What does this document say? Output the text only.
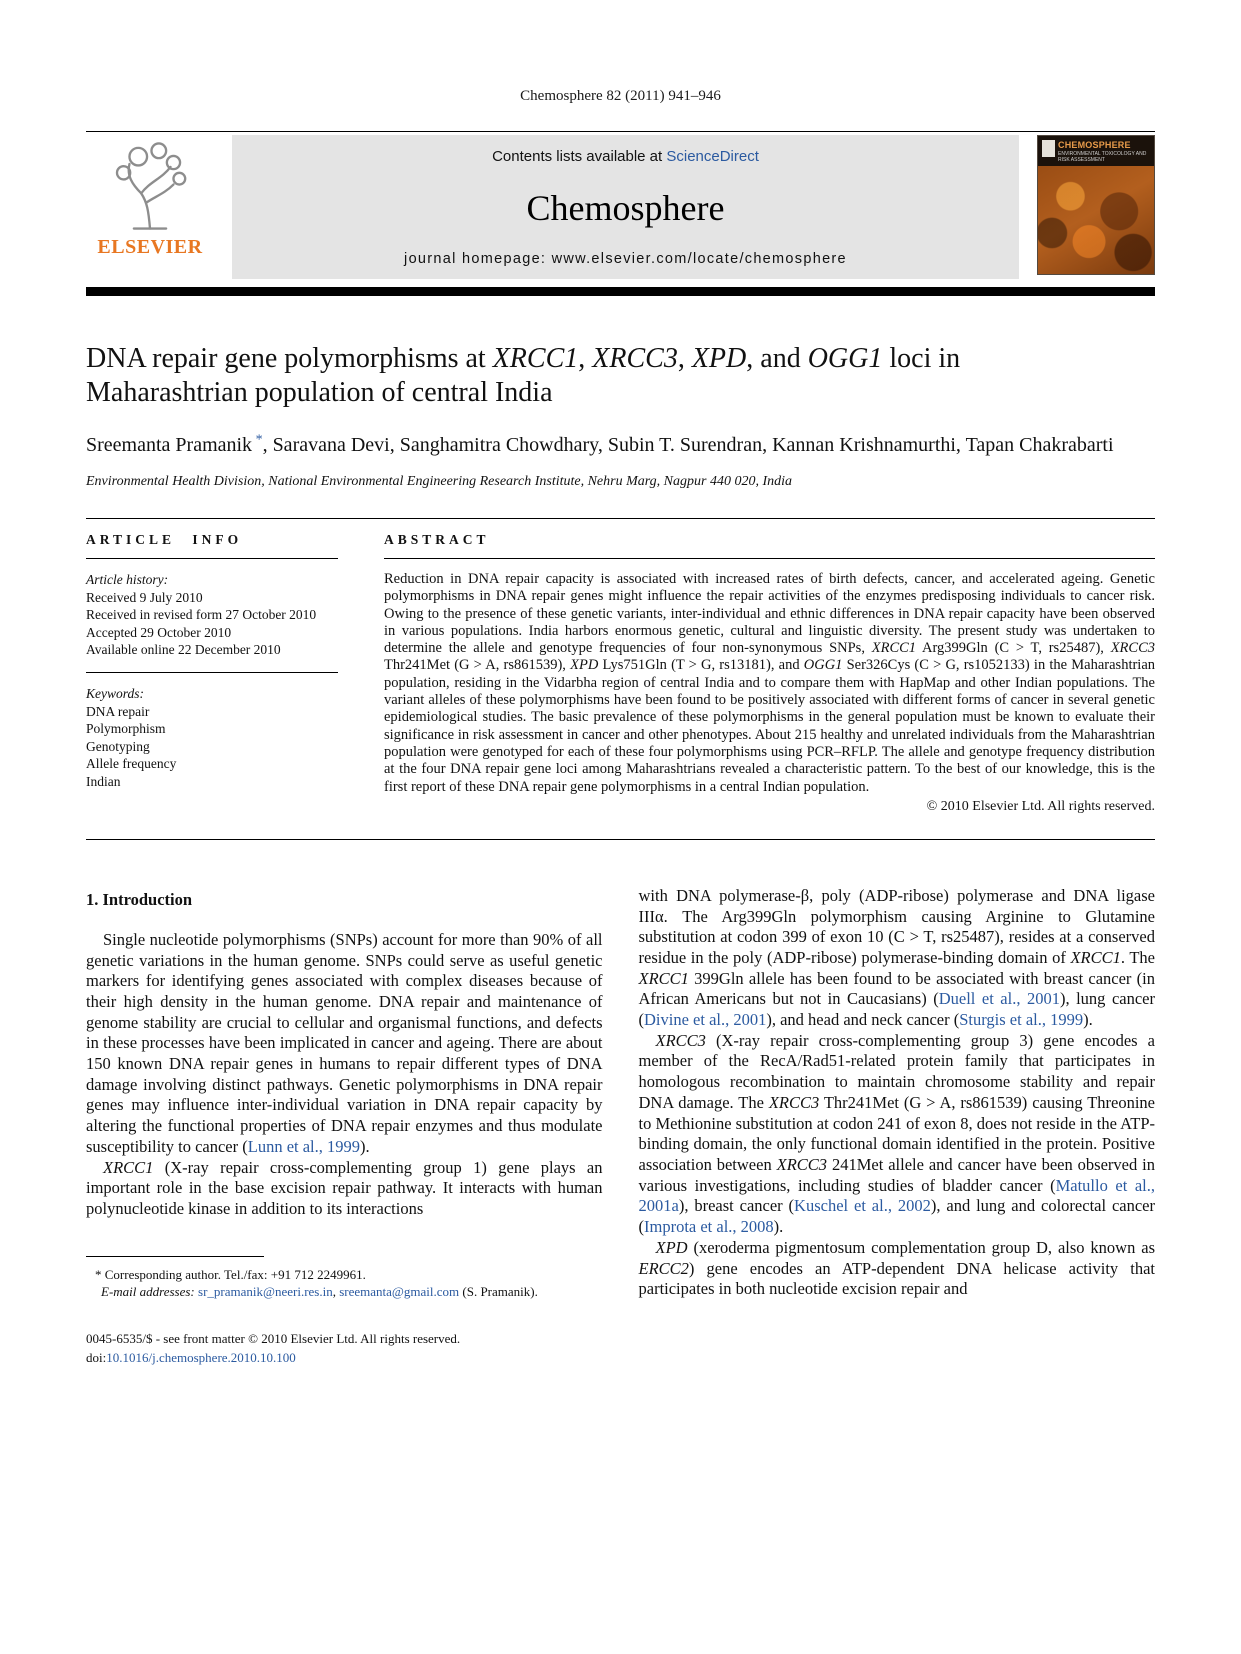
Chemosphere 82 (2011) 941–946
ELSEVIER
Contents lists available at ScienceDirect
Chemosphere
journal homepage: www.elsevier.com/locate/chemosphere
CHEMOSPHERE
ENVIRONMENTAL TOXICOLOGY AND RISK ASSESSMENT
DNA repair gene polymorphisms at XRCC1, XRCC3, XPD, and OGG1 loci in Maharashtrian population of central India
Sreemanta Pramanik *, Saravana Devi, Sanghamitra Chowdhary, Subin T. Surendran, Kannan Krishnamurthi, Tapan Chakrabarti
Environmental Health Division, National Environmental Engineering Research Institute, Nehru Marg, Nagpur 440 020, India
ARTICLE INFO
Article history:
Received 9 July 2010
Received in revised form 27 October 2010
Accepted 29 October 2010
Available online 22 December 2010
Keywords:
DNA repair
Polymorphism
Genotyping
Allele frequency
Indian
ABSTRACT

Reduction in DNA repair capacity is associated with increased rates of birth defects, cancer, and accelerated ageing. Genetic polymorphisms in DNA repair genes might influence the repair activities of the enzymes predisposing individuals to cancer risk. Owing to the presence of these genetic variants, inter-individual and ethnic differences in DNA repair capacity have been observed in various populations. India harbors enormous genetic, cultural and linguistic diversity. The present study was undertaken to determine the allele and genotype frequencies of four non-synonymous SNPs, XRCC1 Arg399Gln (C > T, rs25487), XRCC3 Thr241Met (G > A, rs861539), XPD Lys751Gln (T > G, rs13181), and OGG1 Ser326Cys (C > G, rs1052133) in the Maharashtrian population, residing in the Vidarbha region of central India and to compare them with HapMap and other Indian populations. The variant alleles of these polymorphisms have been found to be positively associated with different forms of cancer in several genetic epidemiological studies. The basic prevalence of these polymorphisms in the general population must be known to evaluate their significance in risk assessment in cancer and other phenotypes. About 215 healthy and unrelated individuals from the Maharashtrian population were genotyped for each of these four polymorphisms using PCR–RFLP. The allele and genotype frequency distribution at the four DNA repair gene loci among Maharashtrians revealed a characteristic pattern. To the best of our knowledge, this is the first report of these DNA repair gene polymorphisms in a central Indian population.

© 2010 Elsevier Ltd. All rights reserved.
1. Introduction

Single nucleotide polymorphisms (SNPs) account for more than 90% of all genetic variations in the human genome. SNPs could serve as useful genetic markers for identifying genes associated with complex diseases because of their high density in the human genome. DNA repair and maintenance of genome stability are crucial to cellular and organismal functions, and defects in these processes have been implicated in cancer and ageing. There are about 150 known DNA repair genes in humans to repair different types of DNA damage involving distinct pathways. Genetic polymorphisms in DNA repair genes may influence inter-individual variation in DNA repair capacity by altering the functional properties of DNA repair enzymes and thus modulate susceptibility to cancer (Lunn et al., 1999).

XRCC1 (X-ray repair cross-complementing group 1) gene plays an important role in the base excision repair pathway. It interacts with human polynucleotide kinase in addition to its interactions

* Corresponding author. Tel./fax: +91 712 2249961.

E-mail addresses: sr_pramanik@neeri.res.in, sreemanta@gmail.com (S. Pramanik).

0045-6535/$ - see front matter © 2010 Elsevier Ltd. All rights reserved.
doi:10.1016/j.chemosphere.2010.10.100

with DNA polymerase-β, poly (ADP-ribose) polymerase and DNA ligase IIIα. The Arg399Gln polymorphism causing Arginine to Glutamine substitution at codon 399 of exon 10 (C > T, rs25487), resides at a conserved residue in the poly (ADP-ribose) polymerase-binding domain of XRCC1. The XRCC1 399Gln allele has been found to be associated with breast cancer (in African Americans but not in Caucasians) (Duell et al., 2001), lung cancer (Divine et al., 2001), and head and neck cancer (Sturgis et al., 1999).

XRCC3 (X-ray repair cross-complementing group 3) gene encodes a member of the RecA/Rad51-related protein family that participates in homologous recombination to maintain chromosome stability and repair DNA damage. The XRCC3 Thr241Met (G > A, rs861539) causing Threonine to Methionine substitution at codon 241 of exon 8, does not reside in the ATP-binding domain, the only functional domain identified in the protein. Positive association between XRCC3 241Met allele and cancer have been observed in various investigations, including studies of bladder cancer (Matullo et al., 2001a), breast cancer (Kuschel et al., 2002), and lung and colorectal cancer (Improta et al., 2008).

XPD (xeroderma pigmentosum complementation group D, also known as ERCC2) gene encodes an ATP-dependent DNA helicase activity that participates in both nucleotide excision repair and
